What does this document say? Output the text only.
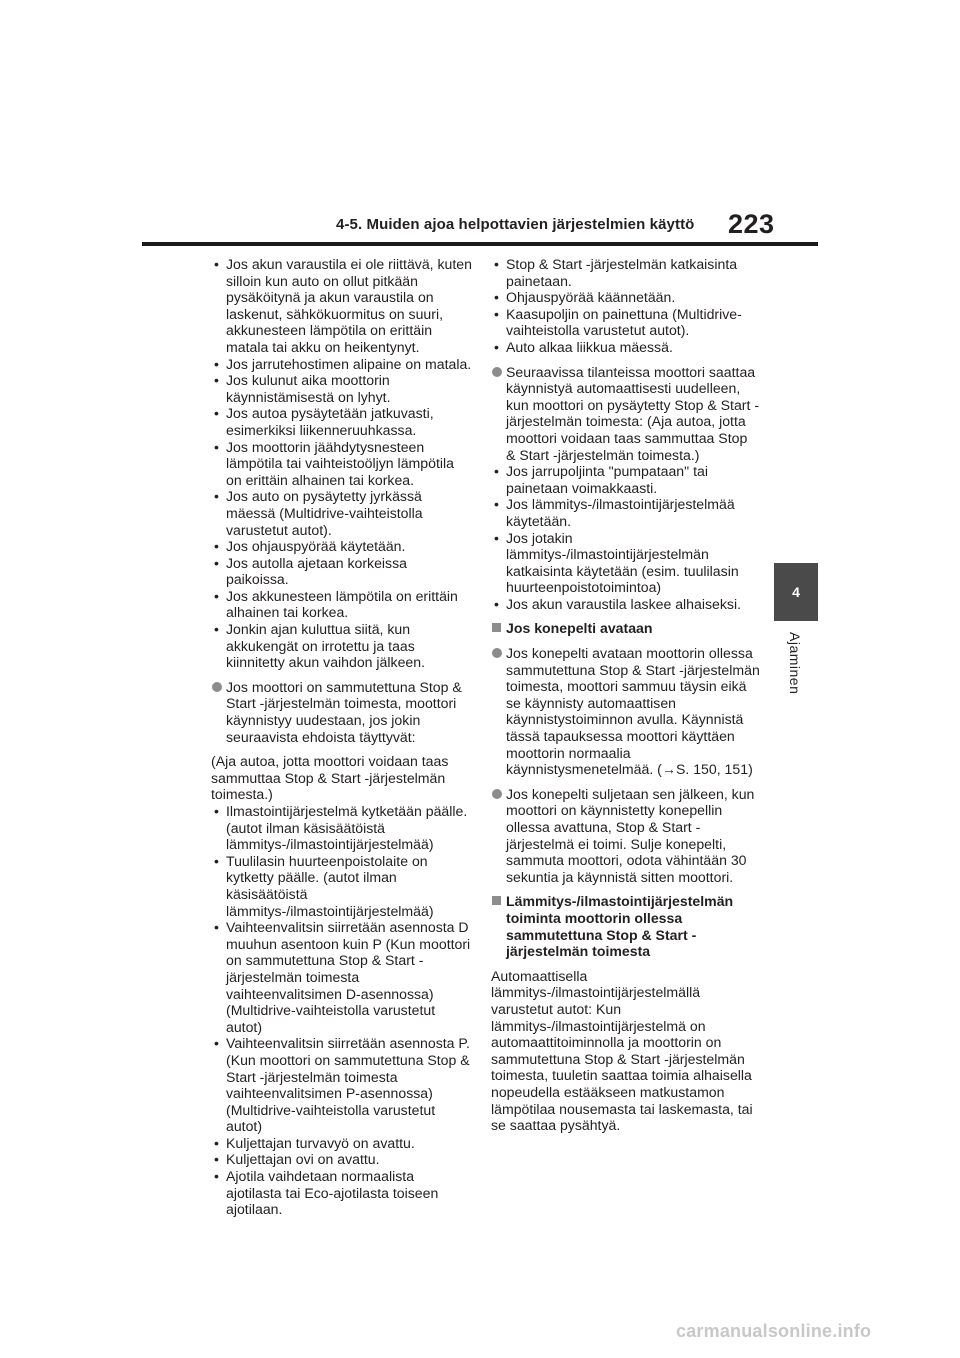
4-5. Muiden ajoa helpottavien järjestelmien käyttö	223
4
Ajaminen
• Jos akun varaustila ei ole riittävä, kuten silloin kun auto on ollut pitkään pysäköitynä ja akun varaustila on laskenut, sähkökuormitus on suuri, akkunesteen lämpötila on erittäin matala tai akku on heikentynyt.
• Jos jarrutehostimen alipaine on matala.
• Jos kulunut aika moottorin käynnistämisestä on lyhyt.
• Jos autoa pysäytetään jatkuvasti, esimerkiksi liikenneruuhkassa.
• Jos moottorin jäähdytysnesteen lämpötila tai vaihteistoöljyn lämpötila on erittäin alhainen tai korkea.
• Jos auto on pysäytetty jyrkässä mäessä (Multidrive-vaihteistolla varustetut autot).
• Jos ohjauspyörää käytetään.
• Jos autolla ajetaan korkeissa paikoissa.
• Jos akkunesteen lämpötila on erittäin alhainen tai korkea.
• Jonkin ajan kuluttua siitä, kun akkukengät on irrotettu ja taas kiinnitetty akun vaihdon jälkeen.
Jos moottori on sammutettuna Stop & Start -järjestelmän toimesta, moottori käynnistyy uudestaan, jos jokin seuraavista ehdoista täyttyvät:
(Aja autoa, jotta moottori voidaan taas sammuttaa Stop & Start -järjestelmän toimesta.)
• Ilmastointijärjestelmä kytketään päälle. (autot ilman käsisäätöistä lämmitys-/ilmastointijärjestelmää)
• Tuulilasin huurteenpoistolaite on kytketty päälle. (autot ilman käsisäätöistä lämmitys-/ilmastointijärjestelmää)
• Vaihteenvalitsin siirretään asennosta D muuhun asentoon kuin P (Kun moottori on sammutettuna Stop & Start -järjestelmän toimesta vaihteenvalitsimen D-asennossa) (Multidrive-vaihteistolla varustetut autot)
• Vaihteenvalitsin siirretään asennosta P. (Kun moottori on sammutettuna Stop & Start -järjestelmän toimesta vaihteenvalitsimen P-asennossa) (Multidrive-vaihteistolla varustetut autot)
• Kuljettajan turvavyö on avattu.
• Kuljettajan ovi on avattu.
• Ajotila vaihdetaan normaalista ajotilasta tai Eco-ajotilasta toiseen ajotilaan.
• Stop & Start -järjestelmän katkaisinta painetaan.
• Ohjauspyörää käännetään.
• Kaasupoljin on painettuna (Multidrive-vaihteistolla varustetut autot).
• Auto alkaa liikkua mäessä.
Seuraavissa tilanteissa moottori saattaa käynnistyä automaattisesti uudelleen, kun moottori on pysäytetty Stop & Start -järjestelmän toimesta: (Aja autoa, jotta moottori voidaan taas sammuttaa Stop & Start -järjestelmän toimesta.)
• Jos jarrupoljinta "pumpataan" tai painetaan voimakkaasti.
• Jos lämmitys-/ilmastointijärjestelmää käytetään.
• Jos jotakin lämmitys-/ilmastointijärjestelmän katkaisinta käytetään (esim. tuulilasin huurteenpoistotoimintoa)
• Jos akun varaustila laskee alhaiseksi.
Jos konepelti avataan
Jos konepelti avataan moottorin ollessa sammutettuna Stop & Start -järjestelmän toimesta, moottori sammuu täysin eikä se käynnisty automaattisen käynnistystoiminnon avulla. Käynnistä tässä tapauksessa moottori käyttäen moottorin normaalia käynnistysmenetelmää. (→S. 150, 151)
Jos konepelti suljetaan sen jälkeen, kun moottori on käynnistetty konepellin ollessa avattuna, Stop & Start -järjestelmä ei toimi. Sulje konepelti, sammuta moottori, odota vähintään 30 sekuntia ja käynnistä sitten moottori.
Lämmitys-/ilmastointijärjestelmän toiminta moottorin ollessa sammutettuna Stop & Start -järjestelmän toimesta
Automaattisella lämmitys-/ilmastointijärjestelmällä varustetut autot: Kun lämmitys-/ilmastointijärjestelmä on automaattitoiminnolla ja moottorin on sammutettuna Stop & Start -järjestelmän toimesta, tuuletin saattaa toimia alhaisella nopeudella estääkseen matkustamon lämpötilaa nousemasta tai laskemasta, tai se saattaa pysähtyä.
carmanualsonline.info
